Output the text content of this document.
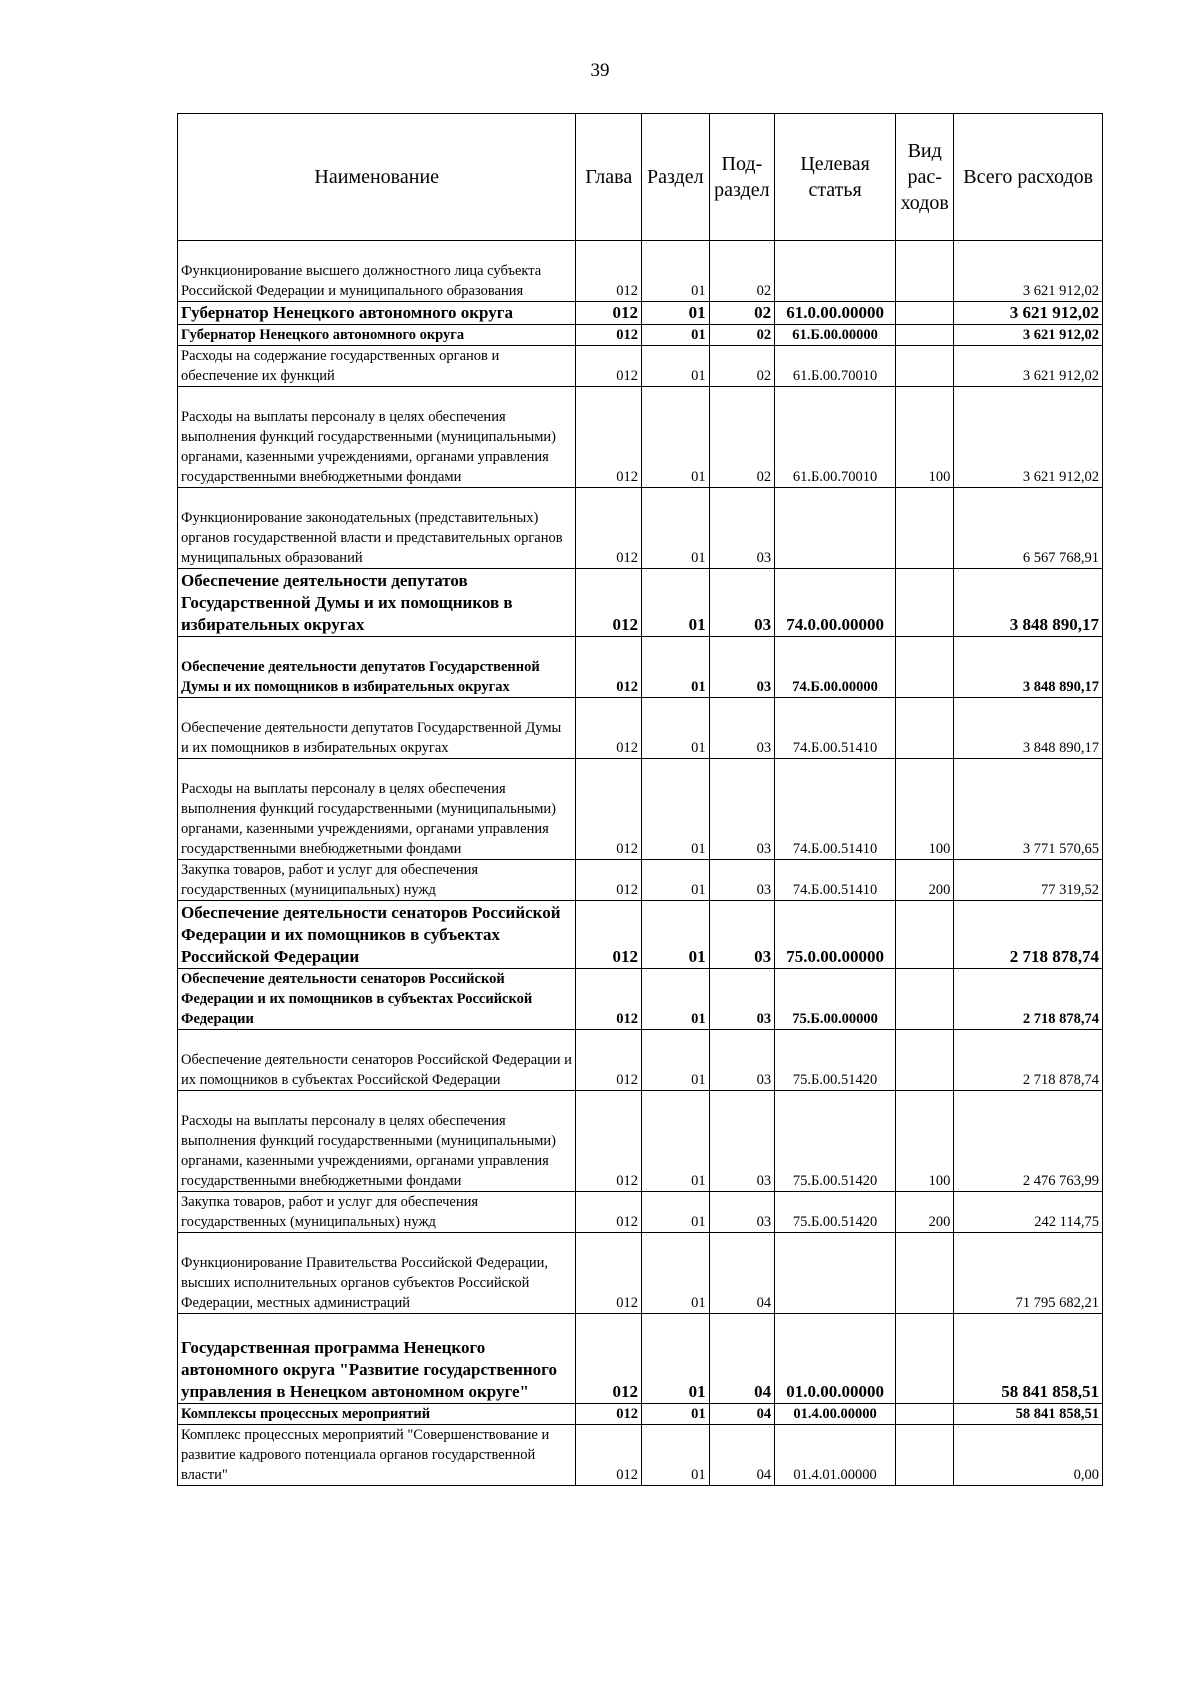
39
Наименование	Глава	Раздел	Под-раздел	Целевая статья	Вид рас-ходов	Всего расходов
Функционирование высшего должностного лица субъекта Российской Федерации и муниципального образования	012	01	02			3 621 912,02
Губернатор Ненецкого автономного округа	012	01	02	61.0.00.00000		3 621 912,02
Губернатор Ненецкого автономного округа	012	01	02	61.Б.00.00000		3 621 912,02
Расходы на содержание государственных органов и обеспечение их функций	012	01	02	61.Б.00.70010		3 621 912,02
Расходы на выплаты персоналу в целях обеспечения выполнения функций государственными (муниципальными) органами, казенными учреждениями, органами управления государственными внебюджетными фондами	012	01	02	61.Б.00.70010	100	3 621 912,02
Функционирование законодательных (представительных) органов государственной власти и представительных органов муниципальных образований	012	01	03			6 567 768,91
Обеспечение деятельности депутатов Государственной Думы и их помощников в избирательных округах	012	01	03	74.0.00.00000		3 848 890,17
Обеспечение деятельности депутатов Государственной Думы и их помощников в избирательных округах	012	01	03	74.Б.00.00000		3 848 890,17
Обеспечение деятельности депутатов Государственной Думы и их помощников в избирательных округах	012	01	03	74.Б.00.51410		3 848 890,17
Расходы на выплаты персоналу в целях обеспечения выполнения функций государственными (муниципальными) органами, казенными учреждениями, органами управления государственными внебюджетными фондами	012	01	03	74.Б.00.51410	100	3 771 570,65
Закупка товаров, работ и услуг для обеспечения государственных (муниципальных) нужд	012	01	03	74.Б.00.51410	200	77 319,52
Обеспечение деятельности сенаторов Российской Федерации и их помощников в субъектах Российской Федерации	012	01	03	75.0.00.00000		2 718 878,74
Обеспечение деятельности сенаторов Российской Федерации и их помощников в субъектах Российской Федерации	012	01	03	75.Б.00.00000		2 718 878,74
Обеспечение деятельности сенаторов Российской Федерации и их помощников в субъектах Российской Федерации	012	01	03	75.Б.00.51420		2 718 878,74
Расходы на выплаты персоналу в целях обеспечения выполнения функций государственными (муниципальными) органами, казенными учреждениями, органами управления государственными внебюджетными фондами	012	01	03	75.Б.00.51420	100	2 476 763,99
Закупка товаров, работ и услуг для обеспечения государственных (муниципальных) нужд	012	01	03	75.Б.00.51420	200	242 114,75
Функционирование Правительства Российской Федерации, высших исполнительных органов субъектов Российской Федерации, местных администраций	012	01	04			71 795 682,21
Государственная программа Ненецкого автономного округа "Развитие государственного управления в Ненецком автономном округе"	012	01	04	01.0.00.00000		58 841 858,51
Комплексы процессных мероприятий	012	01	04	01.4.00.00000		58 841 858,51
Комплекс процессных мероприятий "Совершенствование и развитие кадрового потенциала органов государственной власти"	012	01	04	01.4.01.00000		0,00
